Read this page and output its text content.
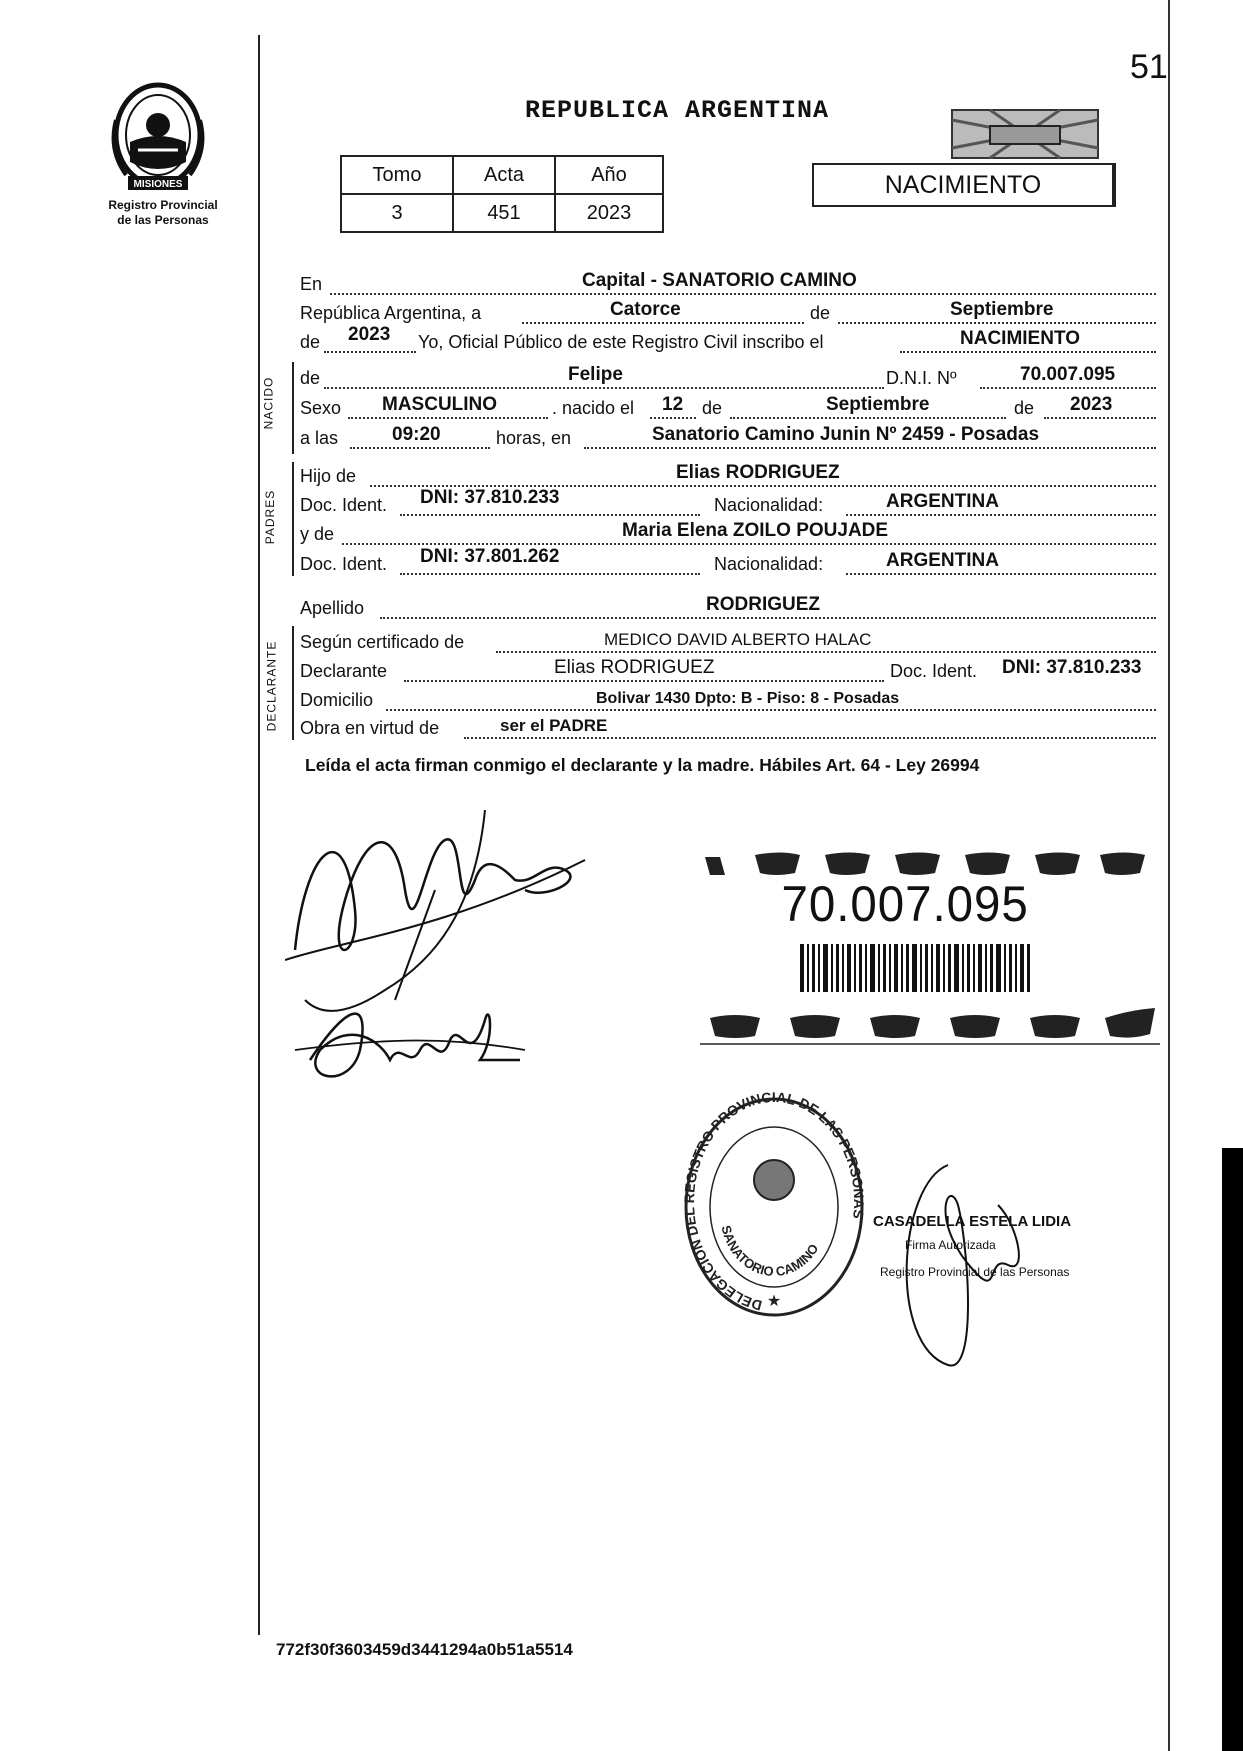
51
MISIONES
Registro Provincial
de las Personas
REPUBLICA ARGENTINA
Tomo	Acta	Año
3	451	2023
NACIMIENTO
En	Capital - SANATORIO CAMINO
República Argentina, a	Catorce	de	Septiembre
de 2023 Yo, Oficial Público de este Registro Civil inscribo el	NACIMIENTO
NACIDO de	Felipe	D.N.I. Nº	70.007.095
Sexo MASCULINO	. nacido el 12 de	Septiembre	de 2023
a las	09:20	horas, en	Sanatorio Camino Junin Nº 2459 - Posadas
PADRES
Hijo de	Elias RODRIGUEZ
Doc. Ident. DNI: 37.810.233	Nacionalidad:	ARGENTINA
y de	Maria Elena ZOILO POUJADE
Doc. Ident. DNI: 37.801.262	Nacionalidad:	ARGENTINA
Apellido	RODRIGUEZ
DECLARANTE Según certificado de	MEDICO DAVID ALBERTO HALAC
Declarante	Elias RODRIGUEZ	Doc. Ident. DNI: 37.810.233
Domicilio	Bolivar 1430 Dpto: B - Piso: 8 - Posadas
Obra en virtud de	ser el PADRE
Leída el acta firman conmigo el declarante y la madre. Hábiles Art. 64 - Ley 26994
70.007.095
DELEGACION DEL REGISTRO PROVINCIAL DE LAS PERSONAS
SANATORIO CAMINO
★
CASADELLA ESTELA LIDIA
Firma Autorizada
Registro Provincial de las Personas
772f30f3603459d3441294a0b51a5514
